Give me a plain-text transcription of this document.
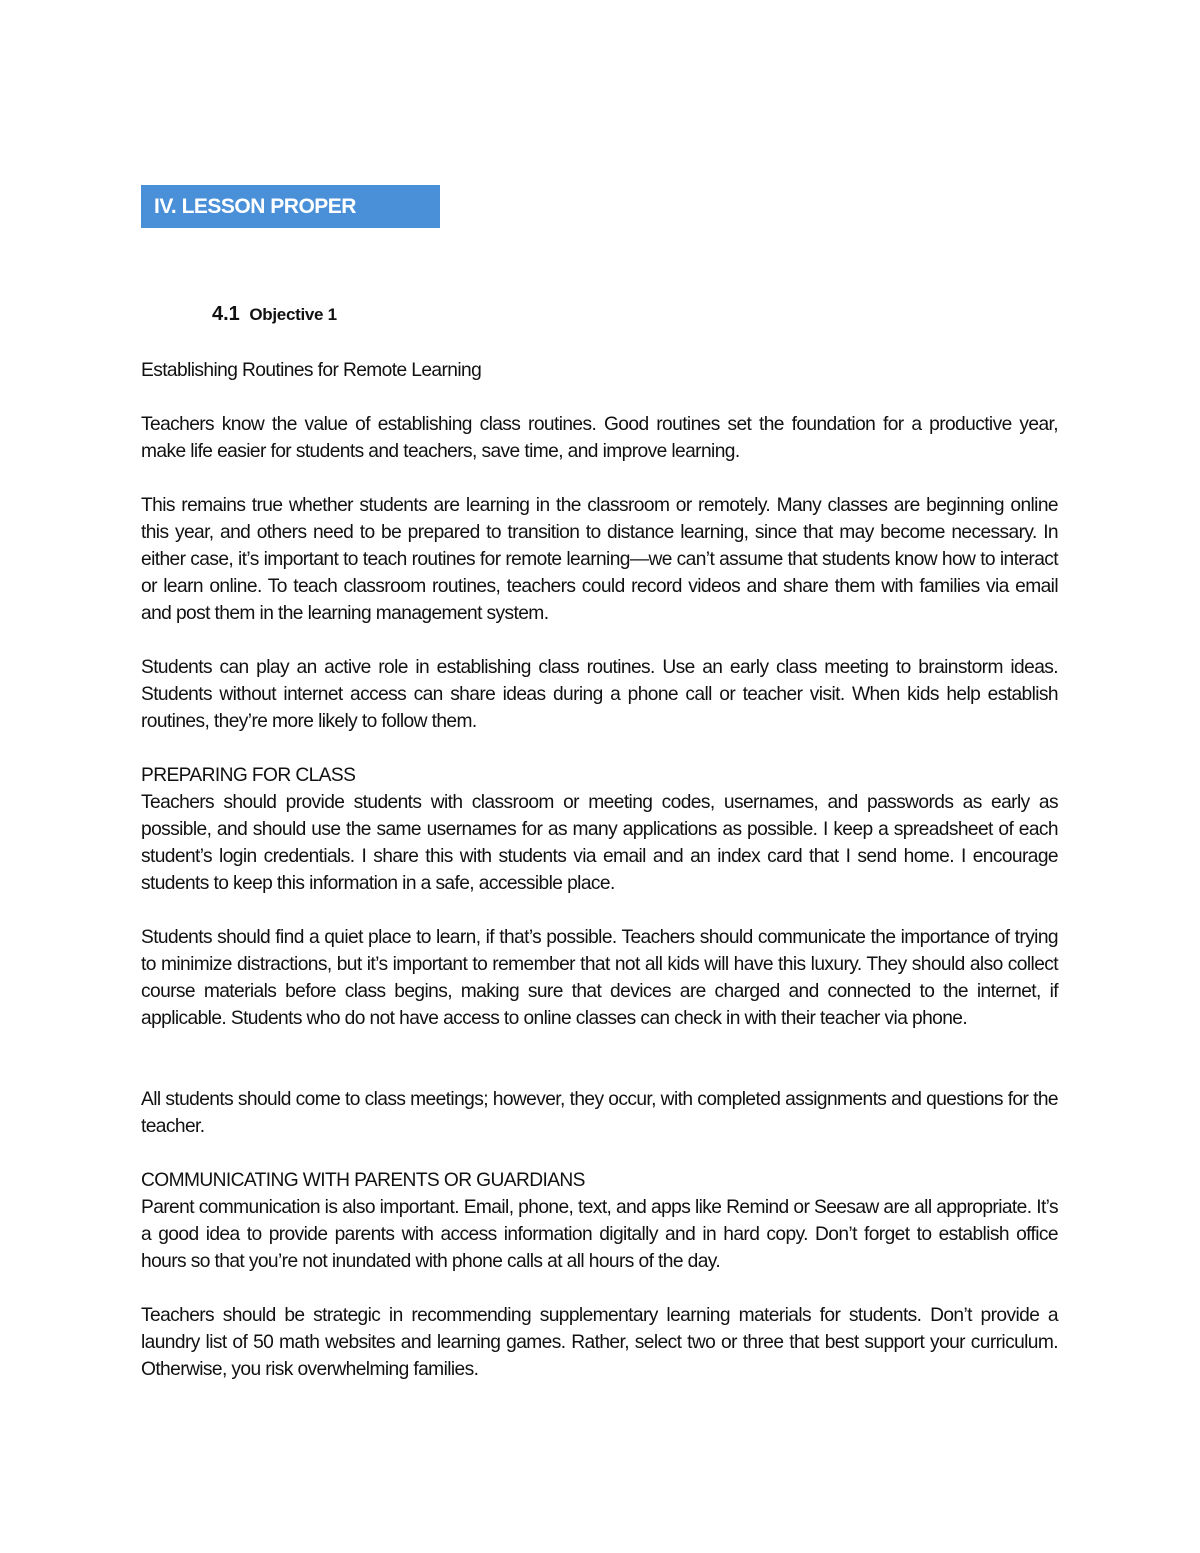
IV. LESSON PROPER
4.1 Objective 1

Establishing Routines for Remote Learning

Teachers know the value of establishing class routines. Good routines set the foundation for a productive year, make life easier for students and teachers, save time, and improve learning.

This remains true whether students are learning in the classroom or remotely. Many classes are beginning online this year, and others need to be prepared to transition to distance learning, since that may become necessary. In either case, it’s important to teach routines for remote learning—we can’t assume that students know how to interact or learn online. To teach classroom routines, teachers could record videos and share them with families via email and post them in the learning management system.

Students can play an active role in establishing class routines. Use an early class meeting to brainstorm ideas. Students without internet access can share ideas during a phone call or teacher visit. When kids help establish routines, they’re more likely to follow them.

PREPARING FOR CLASS

Teachers should provide students with classroom or meeting codes, usernames, and passwords as early as possible, and should use the same usernames for as many applications as possible. I keep a spreadsheet of each student’s login credentials. I share this with students via email and an index card that I send home. I encourage students to keep this information in a safe, accessible place.

Students should find a quiet place to learn, if that’s possible. Teachers should communicate the importance of trying to minimize distractions, but it’s important to remember that not all kids will have this luxury. They should also collect course materials before class begins, making sure that devices are charged and connected to the internet, if applicable. Students who do not have access to online classes can check in with their teacher via phone.

All students should come to class meetings; however, they occur, with completed assignments and questions for the teacher.

COMMUNICATING WITH PARENTS OR GUARDIANS

Parent communication is also important. Email, phone, text, and apps like Remind or Seesaw are all appropriate. It’s a good idea to provide parents with access information digitally and in hard copy. Don’t forget to establish office hours so that you’re not inundated with phone calls at all hours of the day.

Teachers should be strategic in recommending supplementary learning materials for students. Don’t provide a laundry list of 50 math websites and learning games. Rather, select two or three that best support your curriculum. Otherwise, you risk overwhelming families.
